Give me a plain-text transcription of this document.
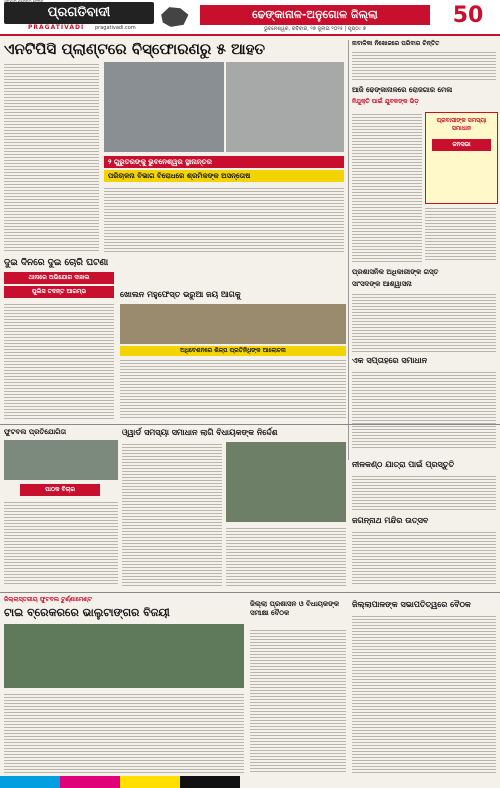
ପ୍ରଗତିବାଦୀ
PRAGATIVADI pragativadi.com
ଢେଙ୍କାନାଳ-ଅନୁଗୋଳ ଜିଲ୍ଲା
ଭୁବନେଶ୍ୱର, ରବିବାର, ୨୭ ଜୁଲାଇ ୨୦୨୫ | ପୃଷ୍ଠା: ୭
50
ଏନଟିପିସି ପ୍ଲାଣ୍ଟରେ ବିସ୍ଫୋରଣରୁ ୫ ଆହତ
୨ ଗୁରୁତରଙ୍କୁ ଭୁବନେଶ୍ୱର ସ୍ଥାନାନ୍ତର
ପରିଚାଳନା ବିଭାଗ ବିରୋଧରେ ଶ୍ରମିକଙ୍କ ଅସନ୍ତୋଷ
ନାବାଳିକା ନିଖୋଜରେ ପରିବାର ଚିନ୍ତିତ
ଆଜି ଢେଙ୍କାନାଳରେ ରୋଜଗାର ମେଳା
ନିଯୁକ୍ତି ପାଇଁ ଯୁବକଙ୍କ ଭିଡ଼
ପ୍ରବାସୀଙ୍କ ସମସ୍ୟା ସମାଧାନ
ଜନସଭା
ପ୍ରଶାସନିକ ଅଧିକାରୀଙ୍କ ଗସ୍ତ
ସାଂସଦଙ୍କ ଆଶ୍ୱାସନା
ଏକ ସପ୍ତାହରେ ସମାଧାନ
ଦୁଇ ଦିନରେ ଦୁଇ ଚୋରି ଘଟଣା
ଥାନାରେ ଅଭିଯୋଗ ଦାଖଲ
ପୁଲିସ ତଦନ୍ତ ଆରମ୍ଭ	ଖୋଲନ ମହୁଫେସ୍ତ ଭରୁଆ ଜୟ ଆଗକୁ
ଅଧିବେଶନରେ ଶିଳ୍ପ ପ୍ରତିନିଧିଙ୍କ ଆଲୋଚନା
ଫୁଟବଲ ପ୍ରତିଯୋଗିତା
ପାଠକ ବିଚାର
ଓ୍ୱାର୍ଡ ସମସ୍ୟା ସମାଧାନ ଲାଗି ବିଧାୟକଙ୍କ ନିର୍ଦ୍ଦେଶ
ନୀଳକଣ୍ଠ ଯାତ୍ରା ପାଇଁ ପ୍ରସ୍ତୁତି
ଜଗନ୍ନାଥ ମନ୍ଦିର ଉତ୍ସବ
ଜିଲ୍ଲାସ୍ତରୀୟ ଫୁଟବଲ ଟୁର୍ଣ୍ଣାମେଣ୍ଟ
ଟାଇ ବ୍ରେକରରେ ଭାଲୁଟାଙ୍ଗର ବିଜୟୀ
ଜିଲ୍ଲା ପ୍ରଶାସନ ଓ ବିଧାୟକଙ୍କ ସମୀକ୍ଷା ବୈଠକ
ଜିଲ୍ଲାପାଳଙ୍କ ସଭାପତିତ୍ୱରେ ବୈଠକ
